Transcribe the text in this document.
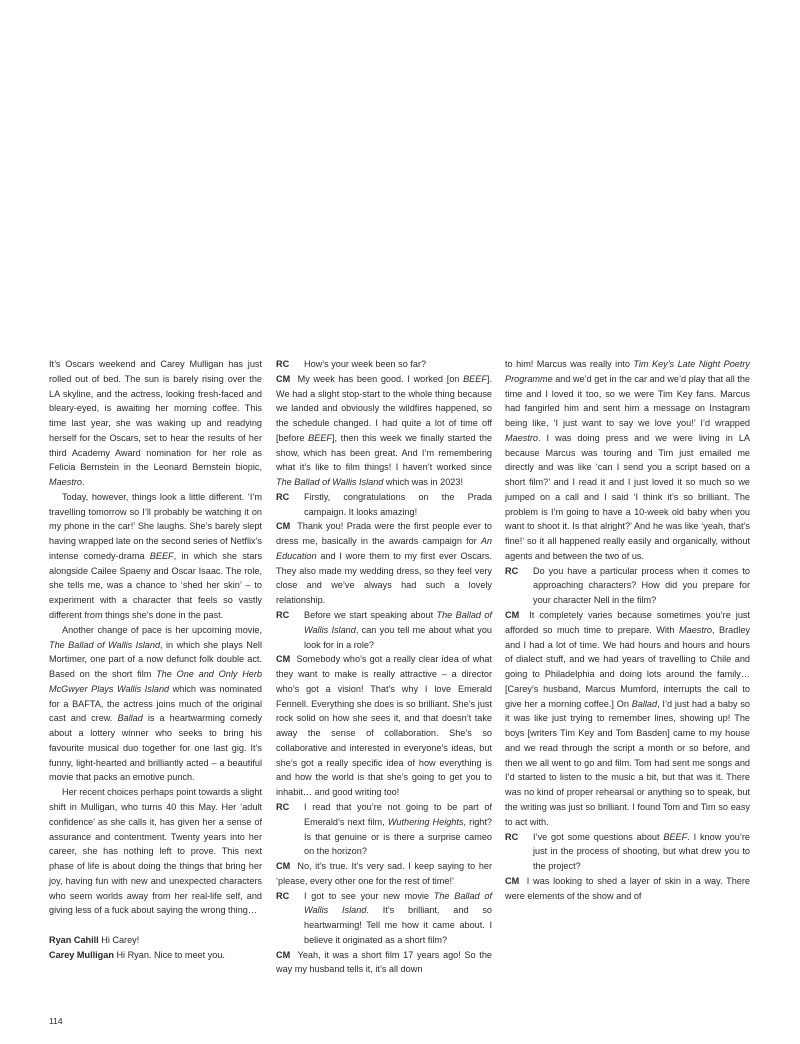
It’s Oscars weekend and Carey Mulligan has just rolled out of bed. The sun is barely rising over the LA skyline, and the actress, looking fresh-faced and bleary-eyed, is awaiting her morning coffee. This time last year, she was waking up and readying herself for the Oscars, set to hear the results of her third Academy Award nomination for her role as Felicia Bernstein in the Leonard Bernstein biopic, Maestro.

Today, however, things look a little different. ‘I’m travelling tomorrow so I’ll probably be watching it on my phone in the car!’ She laughs. She’s barely slept having wrapped late on the second series of Netflix’s intense comedy-drama BEEF, in which she stars alongside Cailee Spaeny and Oscar Isaac. The role, she tells me, was a chance to ‘shed her skin’ – to experiment with a character that feels so vastly different from things she’s done in the past.

Another change of pace is her upcoming movie, The Ballad of Wallis Island, in which she plays Nell Mortimer, one part of a now defunct folk double act. Based on the short film The One and Only Herb McGwyer Plays Wallis Island which was nominated for a BAFTA, the actress joins much of the original cast and crew. Ballad is a heartwarming comedy about a lottery winner who seeks to bring his favourite musical duo together for one last gig. It’s funny, light-hearted and brilliantly acted – a beautiful movie that packs an emotive punch.

Her recent choices perhaps point towards a slight shift in Mulligan, who turns 40 this May. Her ‘adult confidence’ as she calls it, has given her a sense of assurance and contentment. Twenty years into her career, she has nothing left to prove. This next phase of life is about doing the things that bring her joy, having fun with new and unexpected characters who seem worlds away from her real-life self, and giving less of a fuck about saying the wrong thing…

Ryan Cahill Hi Carey!

Carey Mulligan Hi Ryan. Nice to meet you.

RC	How’s your week been so far?

CM My week has been good. I worked [on BEEF]. We had a slight stop-start to the whole thing because we landed and obviously the wildfires happened, so the schedule changed. I had quite a lot of time off [before BEEF], then this week we finally started the show, which has been great. And I’m remembering what it’s like to film things! I haven’t worked since The Ballad of Wallis Island which was in 2023!

RC	Firstly, congratulations on the Prada campaign. It looks amazing!

CM Thank you! Prada were the first people ever to dress me, basically in the awards campaign for An Education and I wore them to my first ever Oscars. They also made my wedding dress, so they feel very close and we’ve always had such a lovely relationship.

RC	Before we start speaking about The Ballad of Wallis Island, can you tell me about what you look for in a role?

CM Somebody who’s got a really clear idea of what they want to make is really attractive – a director who’s got a vision! That’s why I love Emerald Fennell. Everything she does is so brilliant. She’s just rock solid on how she sees it, and that doesn’t take away the sense of collaboration. She’s so collaborative and interested in everyone’s ideas, but she’s got a really specific idea of how everything is and how the world is that she’s going to get you to inhabit… and good writing too!

RC	I read that you’re not going to be part of Emerald’s next film, Wuthering Heights, right? Is that genuine or is there a surprise cameo on the horizon?

CM No, it’s true. It’s very sad. I keep saying to her ‘please, every other one for the rest of time!’

RC	I got to see your new movie The Ballad of Wallis Island. It’s brilliant, and so heartwarming! Tell me how it came about. I believe it originated as a short film?

CM Yeah, it was a short film 17 years ago! So the way my husband tells it, it’s all down

to him! Marcus was really into Tim Key’s Late Night Poetry Programme and we’d get in the car and we’d play that all the time and I loved it too, so we were Tim Key fans. Marcus had fangirled him and sent him a message on Instagram being like, ‘I just want to say we love you!’ I’d wrapped Maestro. I was doing press and we were living in LA because Marcus was touring and Tim just emailed me directly and was like ‘can I send you a script based on a short film?’ and I read it and I just loved it so much so we jumped on a call and I said ‘I think it’s so brilliant. The problem is I’m going to have a 10-week old baby when you want to shoot it. Is that alright?’ And he was like ‘yeah, that’s fine!’ so it all happened really easily and organically, without agents and between the two of us.

RC	Do you have a particular process when it comes to approaching characters? How did you prepare for your character Nell in the film?

CM It completely varies because sometimes you’re just afforded so much time to prepare. With Maestro, Bradley and I had a lot of time. We had hours and hours and hours of dialect stuff, and we had years of travelling to Chile and going to Philadelphia and doing lots around the family… [Carey’s husband, Marcus Mumford, interrupts the call to give her a morning coffee.] On Ballad, I’d just had a baby so it was like just trying to remember lines, showing up! The boys [writers Tim Key and Tom Basden] came to my house and we read through the script a month or so before, and then we all went to go and film. Tom had sent me songs and I’d started to listen to the music a bit, but that was it. There was no kind of proper rehearsal or anything so to speak, but the writing was just so brilliant. I found Tom and Tim so easy to act with.

RC	I’ve got some questions about BEEF. I know you’re just in the process of shooting, but what drew you to the project?

CM I was looking to shed a layer of skin in a way. There were elements of the show and of

114
